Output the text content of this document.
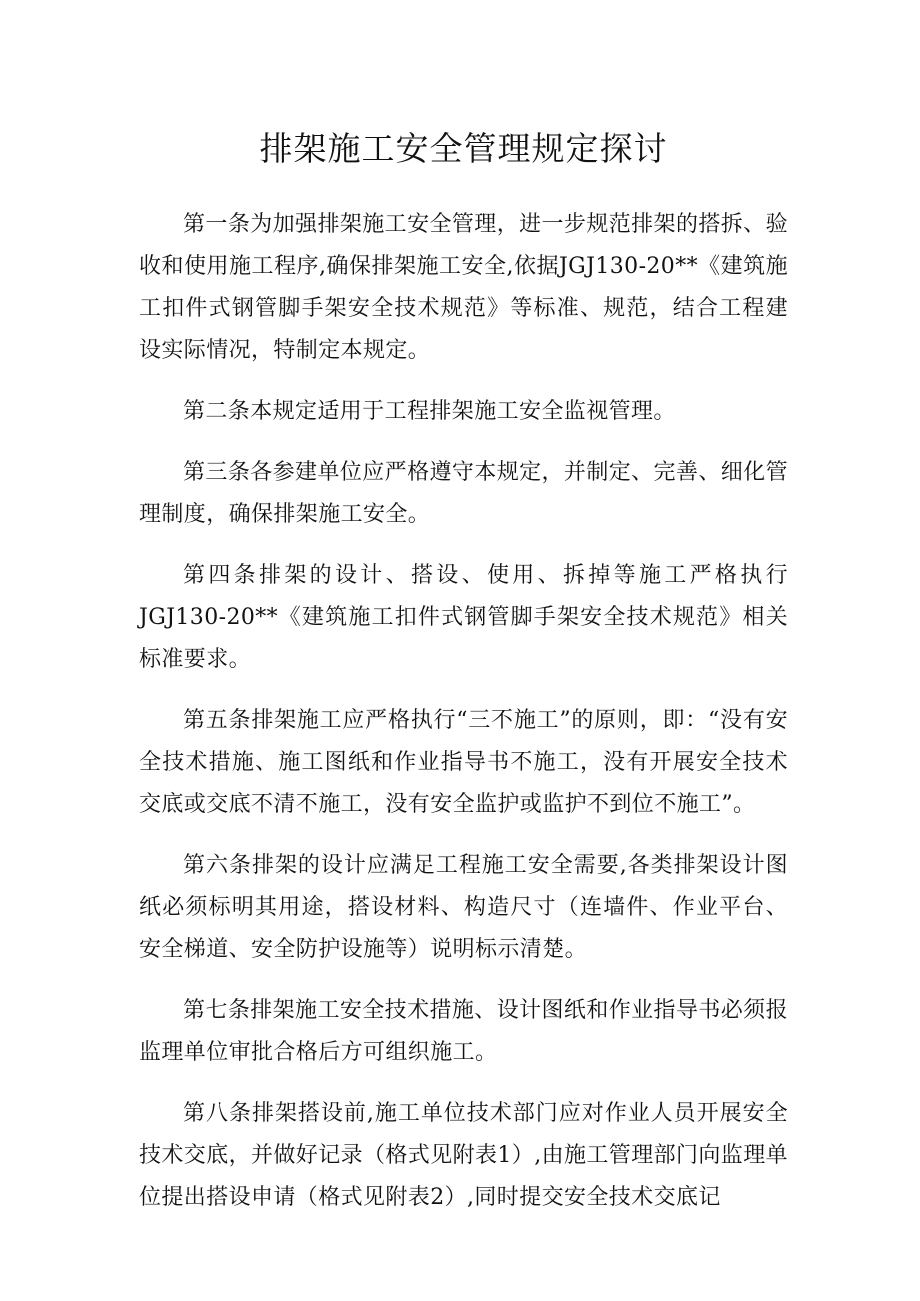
排架施工安全管理规定探讨

第一条为加强排架施工安全管理，进一步规范排架的搭拆、验收和使用施工程序,确保排架施工安全,依据JGJ130-20**《建筑施工扣件式钢管脚手架安全技术规范》等标准、规范，结合工程建设实际情况，特制定本规定。

第二条本规定适用于工程排架施工安全监视管理。

第三条各参建单位应严格遵守本规定，并制定、完善、细化管理制度，确保排架施工安全。

第四条排架的设计、搭设、使用、拆掉等施工严格执行JGJ130-20**《建筑施工扣件式钢管脚手架安全技术规范》相关标准要求。

第五条排架施工应严格执行“三不施工”的原则，即：“没有安全技术措施、施工图纸和作业指导书不施工，没有开展安全技术交底或交底不清不施工，没有安全监护或监护不到位不施工”。

第六条排架的设计应满足工程施工安全需要,各类排架设计图纸必须标明其用途，搭设材料、构造尺寸（连墙件、作业平台、安全梯道、安全防护设施等）说明标示清楚。

第七条排架施工安全技术措施、设计图纸和作业指导书必须报监理单位审批合格后方可组织施工。

第八条排架搭设前,施工单位技术部门应对作业人员开展安全技术交底，并做好记录（格式见附表1）,由施工管理部门向监理单位提出搭设申请（格式见附表2）,同时提交安全技术交底记
